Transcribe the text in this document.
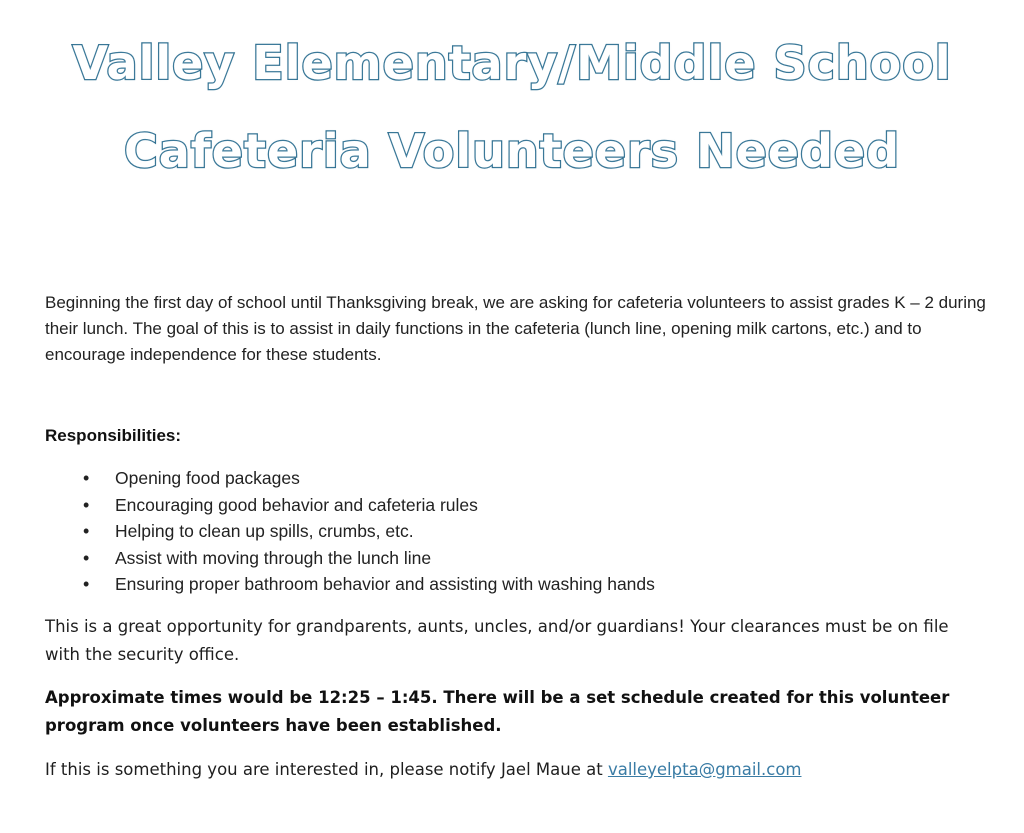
Valley Elementary/Middle School
Cafeteria Volunteers Needed

Beginning the first day of school until Thanksgiving break, we are asking for cafeteria volunteers to assist grades K – 2 during their lunch. The goal of this is to assist in daily functions in the cafeteria (lunch line, opening milk cartons, etc.) and to encourage independence for these students.

Responsibilities:

• Opening food packages
• Encouraging good behavior and cafeteria rules
• Helping to clean up spills, crumbs, etc.
• Assist with moving through the lunch line
• Ensuring proper bathroom behavior and assisting with washing hands

This is a great opportunity for grandparents, aunts, uncles, and/or guardians! Your clearances must be on file with the security office.

Approximate times would be 12:25 – 1:45. There will be a set schedule created for this volunteer program once volunteers have been established.

If this is something you are interested in, please notify Jael Maue at valleyelpta@gmail.com
